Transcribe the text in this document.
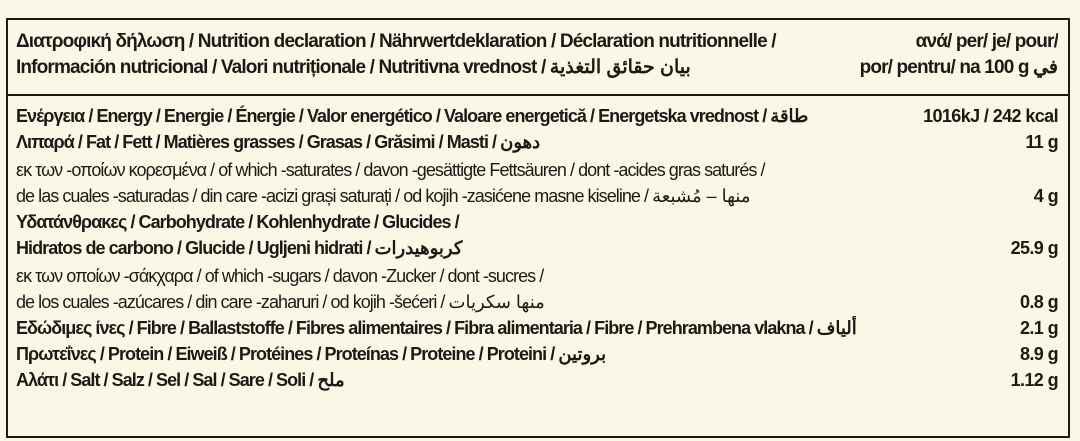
Διατροφική δήλωση / Nutrition declaration / Nährwertdeklaration / Déclaration nutritionnelle /	ανά/ per/ je/ pour/
Información nutricional / Valori nutriționale / Nutritivna vrednost / بيان حقائق التغذية	por/ pentru/ na 100 g في
Ενέργεια / Energy / Energie / Énergie / Valor energético / Valoare energetică / Energetska vrednost / طاقة	1016kJ / 242 kcal
Λιπαρά / Fat / Fett / Matières grasses / Grasas / Grăsimi / Masti / دهون	11 g
εκ των -οποίων κορεσμένα / of which -saturates / davon -gesättigte Fettsäuren / dont -acides gras saturés /
de las cuales -saturadas / din care -acizi grași saturați / od kojih -zasićene masne kiseline / منها – مُشبعة	4 g
Υδατάνθρακες / Carbohydrate / Kohlenhydrate / Glucides /
Hidratos de carbono / Glucide / Ugljeni hidrati / كربوهيدرات	25.9 g
εκ των οποίων -σάκχαρα / of which -sugars / davon -Zucker / dont -sucres /
de los cuales -azúcares / din care -zaharuri / od kojih -šećeri / منها سكريات	0.8 g
Εδώδιμες ίνες / Fibre / Ballaststoffe / Fibres alimentaires / Fibra alimentaria / Fibre / Prehrambena vlakna / ألياف	2.1 g
Πρωτεΐνες / Protein / Eiweiß / Protéines / Proteínas / Proteine / Proteini / بروتين	8.9 g
Αλάτι / Salt / Salz / Sel / Sal / Sare / Soli / ملح	1.12 g
